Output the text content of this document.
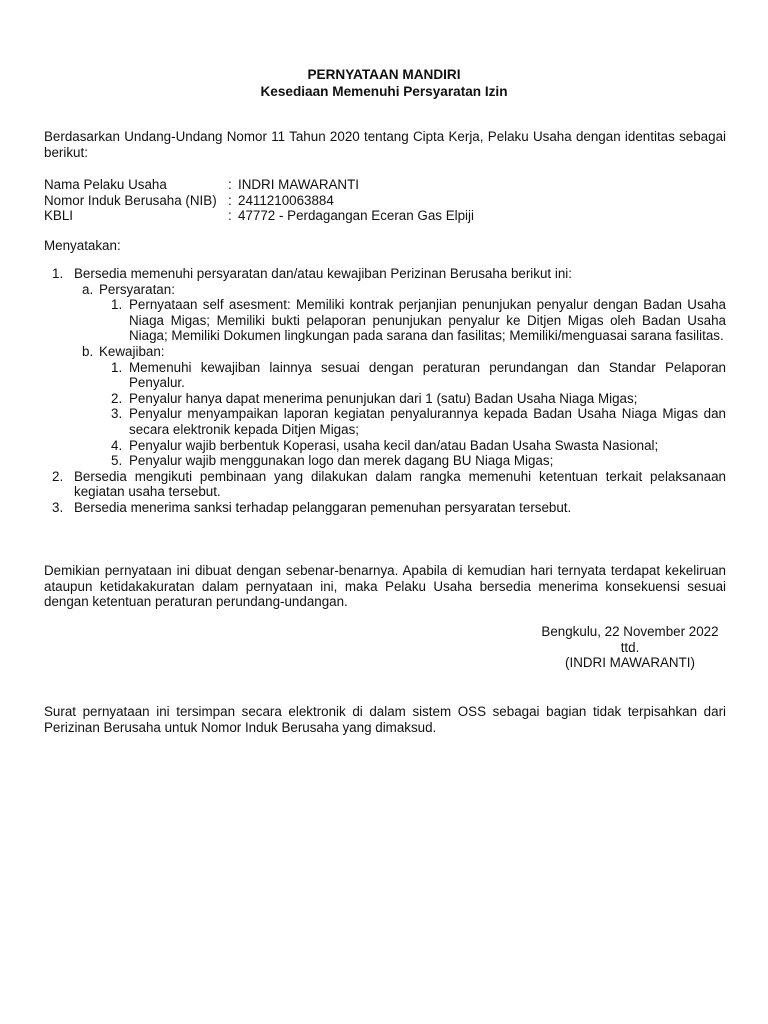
PERNYATAAN MANDIRI
Kesediaan Memenuhi Persyaratan Izin
Berdasarkan Undang-Undang Nomor 11 Tahun 2020 tentang Cipta Kerja, Pelaku Usaha dengan identitas sebagai berikut:
Nama Pelaku Usaha	: INDRI MAWARANTI
Nomor Induk Berusaha (NIB) : 2411210063884
KBLI	: 47772 - Perdagangan Eceran Gas Elpiji
Menyatakan:
1. Bersedia memenuhi persyaratan dan/atau kewajiban Perizinan Berusaha berikut ini:
a. Persyaratan:
1. Pernyataan self asesment: Memiliki kontrak perjanjian penunjukan penyalur dengan Badan Usaha Niaga Migas; Memiliki bukti pelaporan penunjukan penyalur ke Ditjen Migas oleh Badan Usaha Niaga; Memiliki Dokumen lingkungan pada sarana dan fasilitas; Memiliki/menguasai sarana fasilitas.
b. Kewajiban:
1. Memenuhi kewajiban lainnya sesuai dengan peraturan perundangan dan Standar Pelaporan Penyalur.
2. Penyalur hanya dapat menerima penunjukan dari 1 (satu) Badan Usaha Niaga Migas;
3. Penyalur menyampaikan laporan kegiatan penyalurannya kepada Badan Usaha Niaga Migas dan secara elektronik kepada Ditjen Migas;
4. Penyalur wajib berbentuk Koperasi, usaha kecil dan/atau Badan Usaha Swasta Nasional;
5. Penyalur wajib menggunakan logo dan merek dagang BU Niaga Migas;
2. Bersedia mengikuti pembinaan yang dilakukan dalam rangka memenuhi ketentuan terkait pelaksanaan kegiatan usaha tersebut.
3. Bersedia menerima sanksi terhadap pelanggaran pemenuhan persyaratan tersebut.
Demikian pernyataan ini dibuat dengan sebenar-benarnya. Apabila di kemudian hari ternyata terdapat kekeliruan ataupun ketidakakuratan dalam pernyataan ini, maka Pelaku Usaha bersedia menerima konsekuensi sesuai dengan ketentuan peraturan perundang-undangan.
Bengkulu, 22 November 2022
ttd.
(INDRI MAWARANTI)
Surat pernyataan ini tersimpan secara elektronik di dalam sistem OSS sebagai bagian tidak terpisahkan dari Perizinan Berusaha untuk Nomor Induk Berusaha yang dimaksud.
